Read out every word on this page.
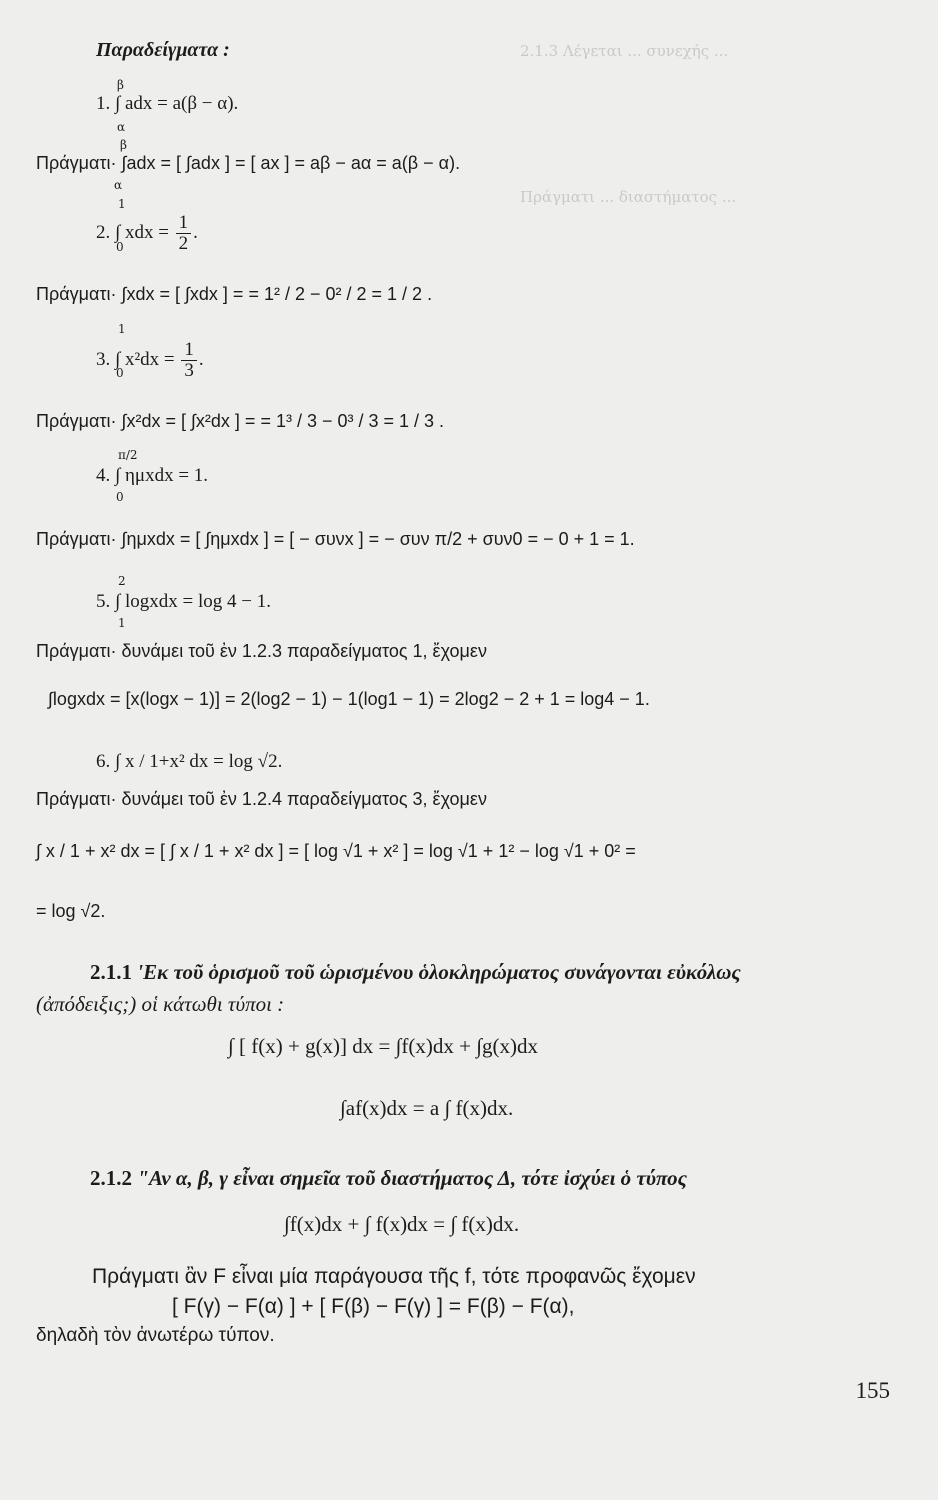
2.1.3 Λέγεται ... συνεχής ...
Πράγματι ... διαστήματος ...
Παραδείγματα :
β
1. ∫ adx = a(β − α).
α
β
Πράγματι· ∫adx = [ ∫adx ] = [ ax ] = aβ − aα = a(β − α).
α
1
2. ∫ xdx = $\frac{1}{2}$ .
0
Πράγματι· ∫xdx = [ ∫xdx ] = = 1² / 2 − 0² / 2 = 1 / 2 .
1
3. ∫ $x^2dx = \frac{1}{3}$ .
0
Πράγματι· ∫x²dx = [ ∫x²dx ] = = 1³ / 3 − 0³ / 3 = 1 / 3 .
π/2
4. ∫ ημxdx = 1.
0
Πράγματι· ∫ημxdx = [ ∫ημxdx ] = [ − συνx ] = − συν π/2 + συν0 = − 0 + 1 = 1.
2
5. ∫ logxdx = log 4 − 1.
1
Πράγματι· δυνάμει τοῦ ἐν 1.2.3 παραδείγματος 1, ἔχομεν
∫logxdx = [x(logx − 1)] = 2(log2 − 1) − 1(log1 − 1) = 2log2 − 2 + 1 = log4 − 1.
6. ∫ x / 1+x² dx = log √2.
Πράγματι· δυνάμει τοῦ ἐν 1.2.4 παραδείγματος 3, ἔχομεν
∫ x / 1 + x² dx = [ ∫ x / 1 + x² dx ] = [ log √1 + x² ] = log √1 + 1² − log √1 + 0² =
= log √2.
2.1.1 'Εκ τοῦ ὁρισμοῦ τοῦ ὡρισμένου ὁλοκληρώματος συνάγονται εὐκόλως
(ἀπόδειξις;) οἱ κάτωθι τύποι :
∫ [ f(x) + g(x)] dx = ∫f(x)dx + ∫g(x)dx
∫af(x)dx = a ∫ f(x)dx.
2.1.2 "Αν α, β, γ εἶναι σημεῖα τοῦ διαστήματος Δ, τότε ἰσχύει ὁ τύπος
∫f(x)dx + ∫ f(x)dx = ∫ f(x)dx.
Πράγματι ἂν F εἶναι μία παράγουσα τῆς f, τότε προφανῶς ἔχομεν
[ F(γ) − F(α) ] + [ F(β) − F(γ) ] = F(β) − F(α),
δηλαδὴ τὸν ἀνωτέρω τύπον.
155
